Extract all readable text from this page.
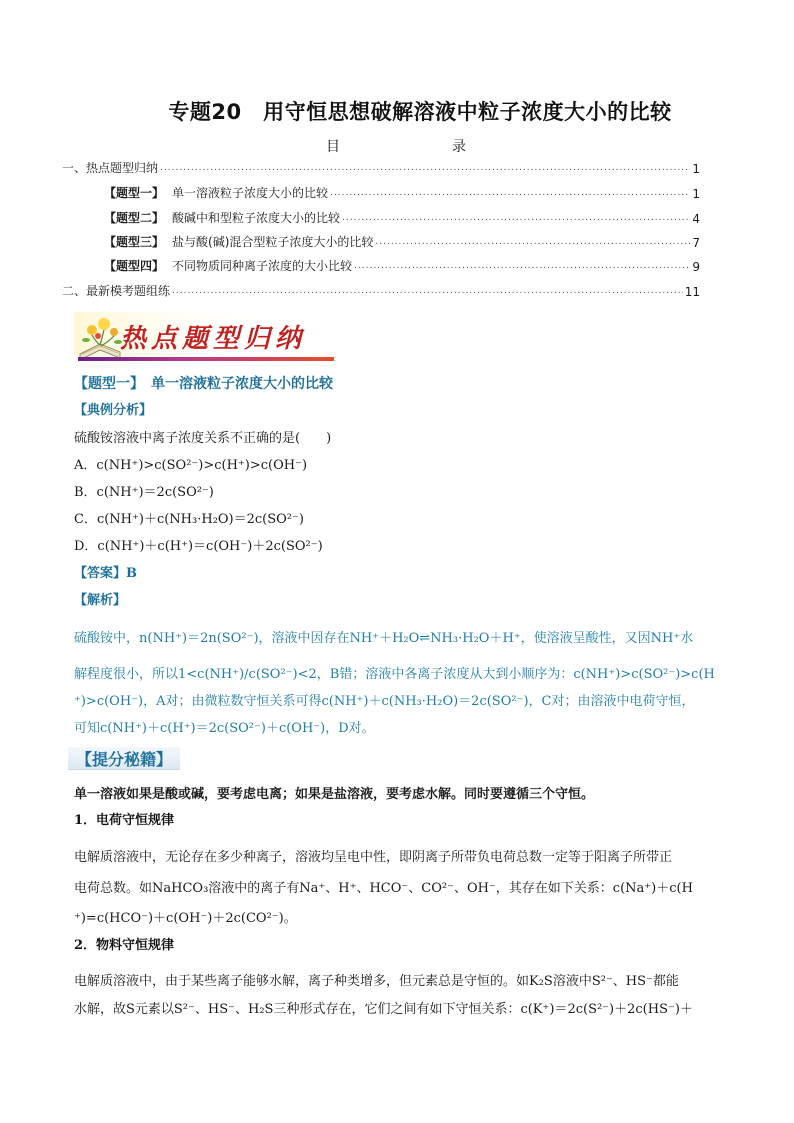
专题20　用守恒思想破解溶液中粒子浓度大小的比较
目	录
一、热点题型归纳 .....	1
【题型一】 单一溶液粒子浓度大小的比较 .....	1
【题型二】 酸碱中和型粒子浓度大小的比较 .....	4
【题型三】 盐与酸(碱)混合型粒子浓度大小的比较 .....	7
【题型四】 不同物质同种离子浓度的大小比较 .....	9
二、最新模考题组练 .....	11
热点题型归纳
【题型一】　单一溶液粒子浓度大小的比较
【典例分析】
硫酸铵溶液中离子浓度关系不正确的是(　　)
A．c(NH⁺)>c(SO²⁻)>c(H⁺)>c(OH⁻)
B．c(NH⁺)＝2c(SO²⁻)
C．c(NH⁺)＋c(NH₃·H₂O)＝2c(SO²⁻)
D．c(NH⁺)＋c(H⁺)＝c(OH⁻)＋2c(SO²⁻)
【答案】B
【解析】
硫酸铵中，n(NH⁺)＝2n(SO²⁻)，溶液中因存在NH⁺＋H₂O⇌NH₃·H₂O＋H⁺，使溶液呈酸性，又因NH⁺水
解程度很小，所以1<c(NH⁺)/c(SO²⁻)<2，B错；溶液中各离子浓度从大到小顺序为：c(NH⁺)>c(SO²⁻)>c(H
⁺)>c(OH⁻)，A对；由微粒数守恒关系可得c(NH⁺)＋c(NH₃·H₂O)＝2c(SO²⁻)，C对；由溶液中电荷守恒，
可知c(NH⁺)＋c(H⁺)＝2c(SO²⁻)＋c(OH⁻)，D对。
【提分秘籍】
单一溶液如果是酸或碱，要考虑电离；如果是盐溶液，要考虑水解。同时要遵循三个守恒。
1．电荷守恒规律
电解质溶液中，无论存在多少种离子，溶液均呈电中性，即阴离子所带负电荷总数一定等于阳离子所带正
电荷总数。如NaHCO₃溶液中的离子有Na⁺、H⁺、HCO⁻、CO²⁻、OH⁻，其存在如下关系：c(Na⁺)＋c(H
⁺)=c(HCO⁻)＋c(OH⁻)＋2c(CO²⁻)。
2．物料守恒规律
电解质溶液中，由于某些离子能够水解，离子种类增多，但元素总是守恒的。如K₂S溶液中S²⁻、HS⁻都能
水解，故S元素以S²⁻、HS⁻、H₂S三种形式存在，它们之间有如下守恒关系：c(K⁺)＝2c(S²⁻)＋2c(HS⁻)＋
